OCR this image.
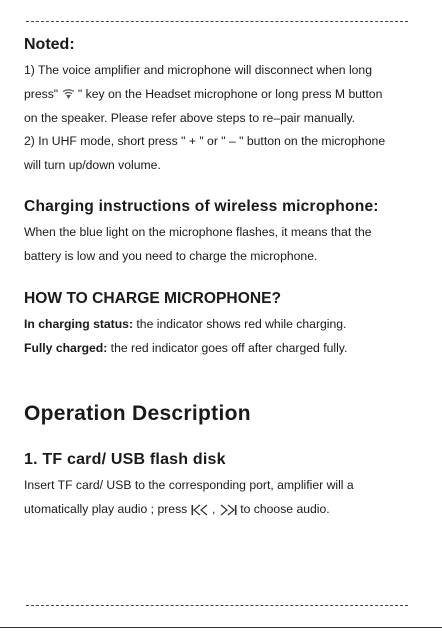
Noted:
1) The voice amplifier and microphone will disconnect when long
press"  " key on the Headset microphone or long press M button
on the speaker. Please refer above steps to re–pair manually.
2) In UHF mode, short press " + " or " – " button on the microphone
will turn up/down volume.
Charging instructions of wireless microphone:
When the blue light on the microphone flashes, it means that the
battery is low and you need to charge the microphone.
HOW TO CHARGE MICROPHONE?
In charging status: the indicator shows red while charging.
Fully charged: the red indicator goes off after charged fully.
Operation Description
1. TF card/ USB flash disk
Insert TF card/ USB to the corresponding port, amplifier will a
utomatically play audio ; press  ,  to choose audio.
